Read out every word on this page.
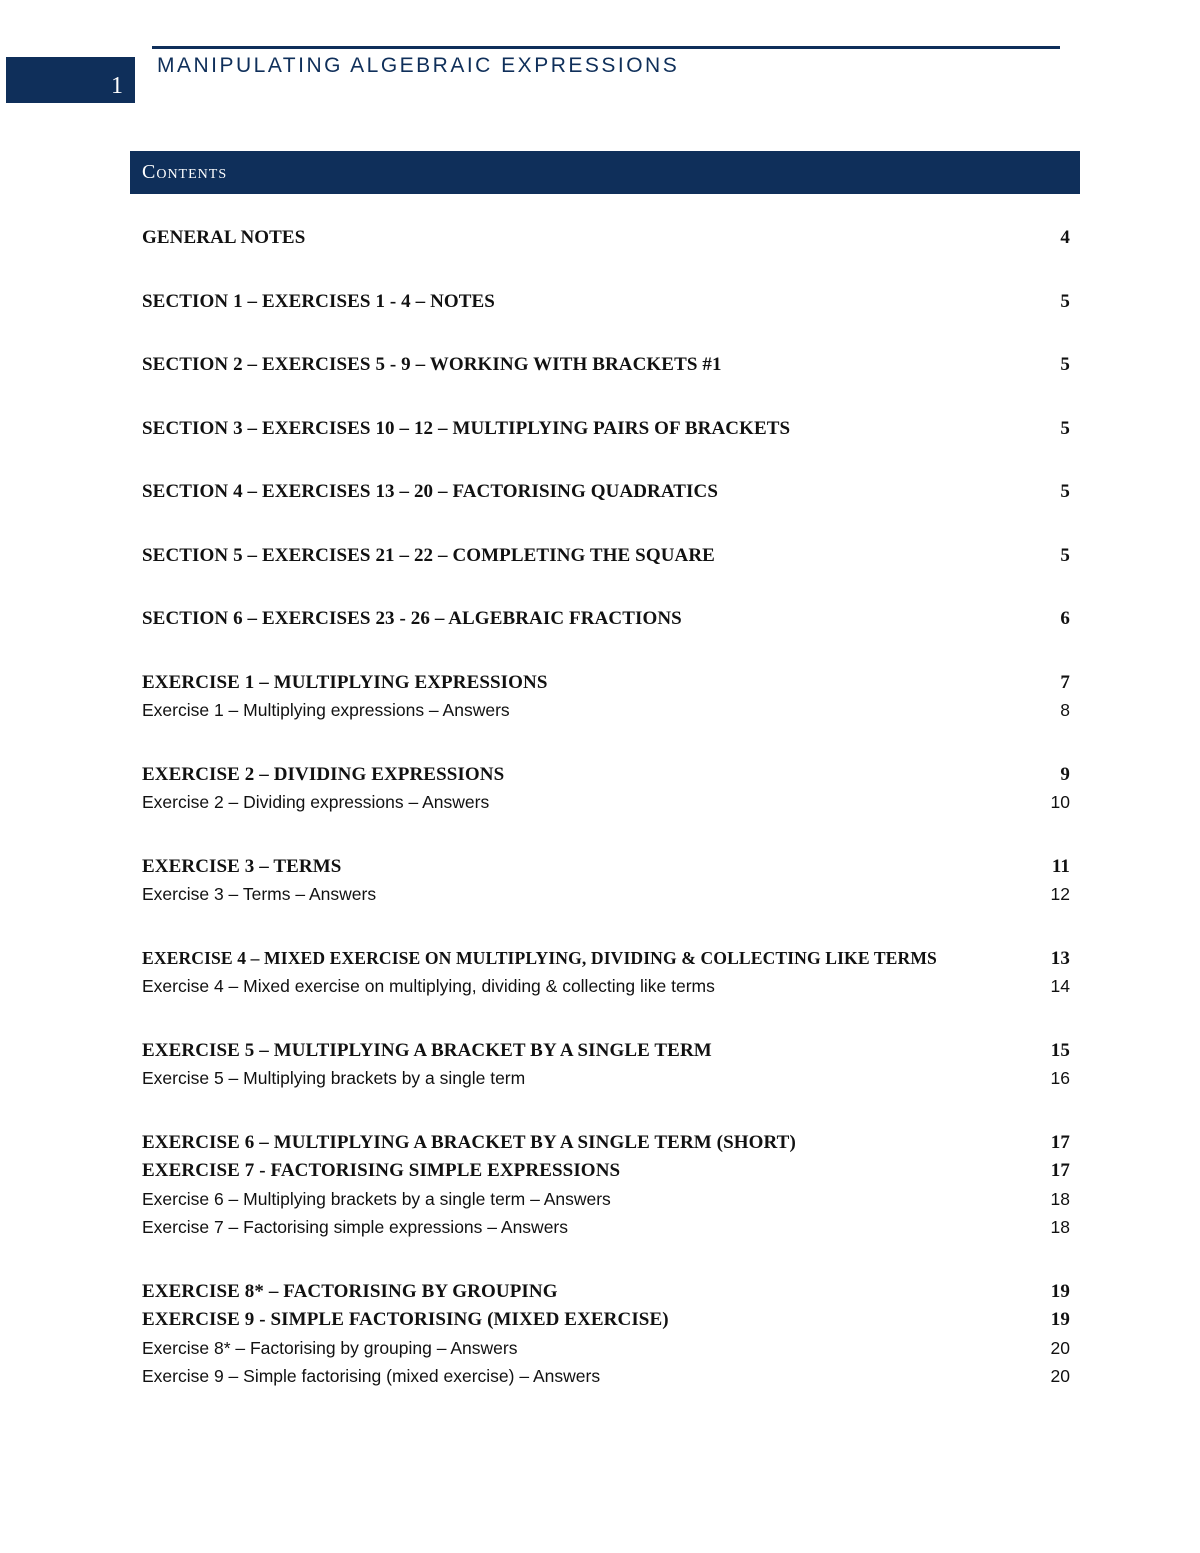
1
MANIPULATING ALGEBRAIC EXPRESSIONS
Contents
GENERAL NOTES	4
SECTION 1 – EXERCISES 1 - 4 – NOTES	5
SECTION 2 – EXERCISES 5 - 9 – WORKING WITH BRACKETS #1	5
SECTION 3 – EXERCISES 10 – 12 – MULTIPLYING PAIRS OF BRACKETS	5
SECTION 4 – EXERCISES 13 – 20 – FACTORISING QUADRATICS	5
SECTION 5 – EXERCISES 21 – 22 – COMPLETING THE SQUARE	5
SECTION 6 – EXERCISES 23 - 26 – ALGEBRAIC FRACTIONS	6
EXERCISE 1 – MULTIPLYING EXPRESSIONS	7
Exercise 1 – Multiplying expressions – Answers	8
EXERCISE 2 – DIVIDING EXPRESSIONS	9
Exercise 2 – Dividing expressions – Answers	10
EXERCISE 3 – TERMS	11
Exercise 3 – Terms – Answers	12
EXERCISE 4 – MIXED EXERCISE ON MULTIPLYING, DIVIDING & COLLECTING LIKE TERMS	13
Exercise 4 – Mixed exercise on multiplying, dividing & collecting like terms	14
EXERCISE 5 – MULTIPLYING A BRACKET BY A SINGLE TERM	15
Exercise 5 – Multiplying brackets by a single term	16
EXERCISE 6 – MULTIPLYING A BRACKET BY A SINGLE TERM (SHORT)	17
EXERCISE 7 - FACTORISING SIMPLE EXPRESSIONS	17
Exercise 6 – Multiplying brackets by a single term – Answers	18
Exercise 7 – Factorising simple expressions – Answers	18
EXERCISE 8* – FACTORISING BY GROUPING	19
EXERCISE 9 - SIMPLE FACTORISING (MIXED EXERCISE)	19
Exercise 8* – Factorising by grouping – Answers	20
Exercise 9 – Simple factorising (mixed exercise) – Answers	20
